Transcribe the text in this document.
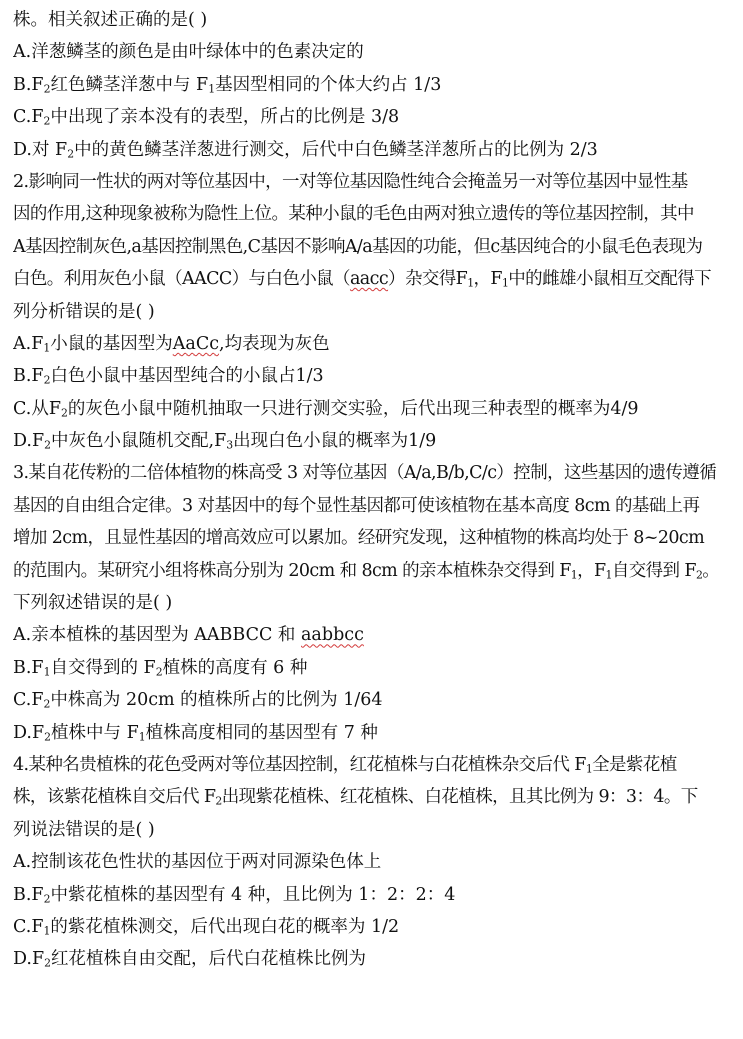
株。相关叙述正确的是( )
A.洋葱鳞茎的颜色是由叶绿体中的色素决定的
$B.F_2$红色鳞茎洋葱中与 $F_1$基因型相同的个体大约占 1/3
$C.F_2$中出现了亲本没有的表型，所占的比例是 3/8
D.对 $F_2$中的黄色鳞茎洋葱进行测交，后代中白色鳞茎洋葱所占的比例为 2/3
2.影响同一性状的两对等位基因中，一对等位基因隐性纯合会掩盖另一对等位基因中显性基
因的作用,这种现象被称为隐性上位。某种小鼠的毛色由两对独立遗传的等位基因控制，其中
A基因控制灰色,a基因控制黑色,C基因不影响A/a基因的功能，但c基因纯合的小鼠毛色表现为
白色。利用灰色小鼠（AACC）与白色小鼠（aacc）杂交得$F_1$，$F_1$中的雌雄小鼠相互交配得下
列分析错误的是( )
$A.F_1$小鼠的基因型为AaCc,均表现为灰色
$B.F_2$白色小鼠中基因型纯合的小鼠占1/3
C.从$F_2$的灰色小鼠中随机抽取一只进行测交实验，后代出现三种表型的概率为4/9
$D.F_2$中灰色小鼠随机交配$,F_3$出现白色小鼠的概率为1/9
3.某自花传粉的二倍体植物的株高受 3 对等位基因（A/a,B/b,C/c）控制，这些基因的遗传遵循
基因的自由组合定律。3 对基因中的每个显性基因都可使该植物在基本高度 8cm 的基础上再
增加 2cm，且显性基因的增高效应可以累加。经研究发现，这种植物的株高均处于 8~20cm
的范围内。某研究小组将株高分别为 20cm 和 8cm 的亲本植株杂交得到 $F_1$，$F_1$自交得到 $F_2$。
下列叙述错误的是( )
A.亲本植株的基因型为 AABBCC 和 aabbcc
$B.F_1$自交得到的 $F_2$植株的高度有 6 种
$C.F_2$中株高为 20cm 的植株所占的比例为 1/64
$D.F_2$植株中与 $F_1$植株高度相同的基因型有 7 种
4.某种名贵植株的花色受两对等位基因控制，红花植株与白花植株杂交后代 $F_1$全是紫花植
株，该紫花植株自交后代 $F_2$出现紫花植株、红花植株、白花植株，且其比例为 9：3：4。下
列说法错误的是( )
A.控制该花色性状的基因位于两对同源染色体上
$B.F_2$中紫花植株的基因型有 4 种，且比例为 1：2：2：4
$C.F_1$的紫花植株测交，后代出现白花的概率为 1/2
$D.F_2$红花植株自由交配，后代白花植株比例为
